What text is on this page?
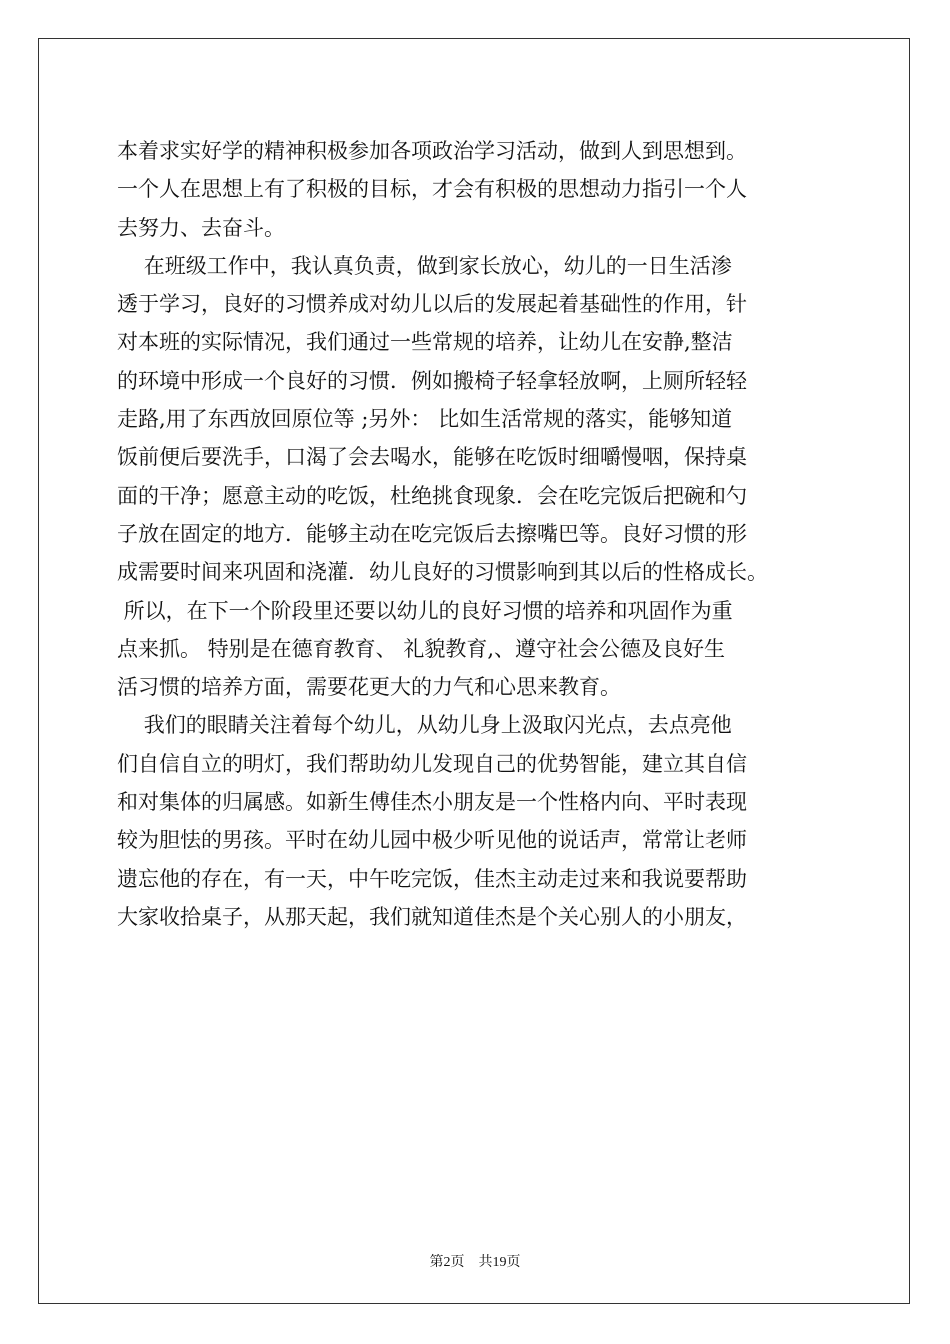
本着求实好学的精神积极参加各项政治学习活动，做到人到思想到。
一个人在思想上有了积极的目标，才会有积极的思想动力指引一个人
去努力、去奋斗。
在班级工作中，我认真负责，做到家长放心，幼儿的一日生活渗
透于学习，良好的习惯养成对幼儿以后的发展起着基础性的作用，针
对本班的实际情况，我们通过一些常规的培养，让幼儿在安静,整洁
的环境中形成一个良好的习惯．例如搬椅子轻拿轻放啊，上厕所轻轻
走路,用了东西放回原位等 ;另外： 比如生活常规的落实，能够知道
饭前便后要洗手，口渴了会去喝水，能够在吃饭时细嚼慢咽，保持桌
面的干净；愿意主动的吃饭，杜绝挑食现象．会在吃完饭后把碗和勺
子放在固定的地方．能够主动在吃完饭后去擦嘴巴等。良好习惯的形
成需要时间来巩固和浇灌．幼儿良好的习惯影响到其以后的性格成长。
所以，在下一个阶段里还要以幼儿的良好习惯的培养和巩固作为重
点来抓。 特别是在德育教育、 礼貌教育,、遵守社会公德及良好生
活习惯的培养方面，需要花更大的力气和心思来教育。
我们的眼睛关注着每个幼儿，从幼儿身上汲取闪光点，去点亮他
们自信自立的明灯，我们帮助幼儿发现自己的优势智能，建立其自信
和对集体的归属感。如新生傅佳杰小朋友是一个性格内向、平时表现
较为胆怯的男孩。平时在幼儿园中极少听见他的说话声，常常让老师
遗忘他的存在，有一天，中午吃完饭，佳杰主动走过来和我说要帮助
大家收拾桌子，从那天起，我们就知道佳杰是个关心别人的小朋友，
第2页　共19页
